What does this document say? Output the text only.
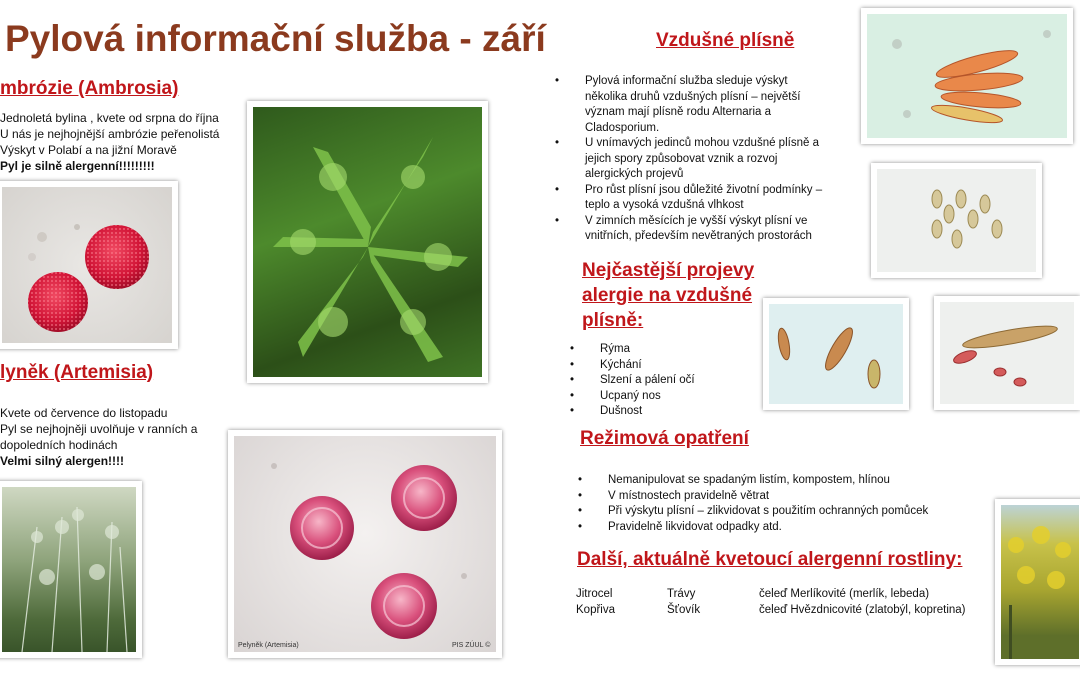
Pylová informační služba - září
mbrózie (Ambrosia)
Jednoletá bylina , kvete od srpna do října
U nás je nejhojnější ambrózie peřenolistá
Výskyt v Polabí a na jižní Moravě
Pyl je silně alergenní!!!!!!!!!
lyněk (Artemisia)
Kvete od července do listopadu
Pyl se nejhojněji uvolňuje v ranních a
dopoledních hodinách
Velmi silný alergen!!!!
Pelyněk (Artemisia)	PIS ZÚUL ©
Vzdušné plísně
• Pylová informační služba sleduje výskyt
několika druhů vzdušných plísní – největší
význam mají plísně rodu Alternaria a
Cladosporium.
• U vnímavých jedinců mohou vzdušné plísně a
jejich spory způsobovat vznik a rozvoj
alergických projevů
• Pro růst plísní jsou důležité životní podmínky –
teplo a vysoká vzdušná vlhkost
• V zimních měsících je vyšší výskyt plísní ve
vnitřních, především nevětraných prostorách
Nejčastější projevy
alergie na vzdušné
plísně:
• Rýma
• Kýchání
• Slzení a pálení očí
• Ucpaný nos
• Dušnost
Režimová opatření
• Nemanipulovat se spadaným listím, kompostem, hlínou
• V místnostech pravidelně větrat
• Při výskytu plísní – zlikvidovat s použitím ochranných pomůcek
• Pravidelně likvidovat odpadky atd.
Další, aktuálně kvetoucí alergenní rostliny:
Jitrocel	Trávy	čeleď Merlíkovité (merlík, lebeda)
Kopřiva	Šťovík	čeleď Hvězdnicovité (zlatobýl, kopretina)
